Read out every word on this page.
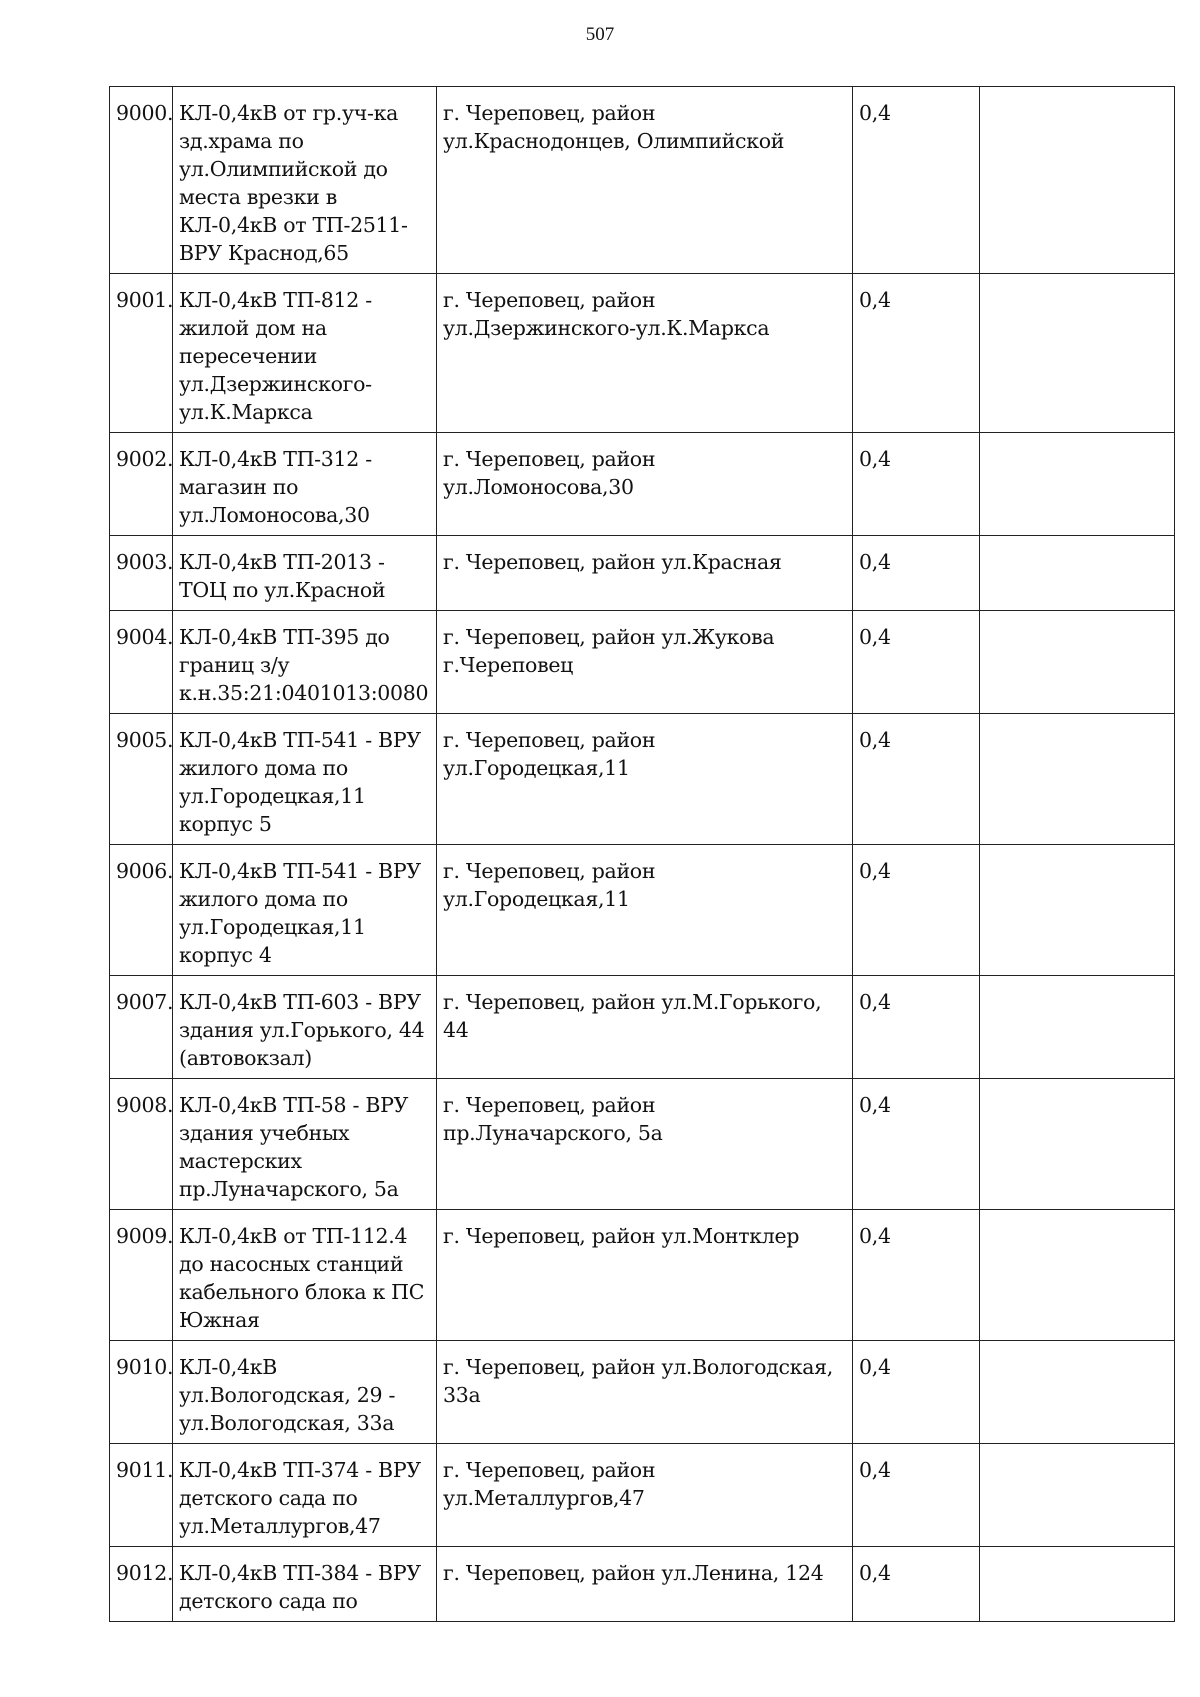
507
9000.	КЛ-0,4кВ от гр.уч-ка зд.храма по ул.Олимпийской до места врезки в КЛ-0,4кВ от ТП-2511-ВРУ Краснод,65	г. Череповец, район ул.Краснодонцев, Олимпийской	0,4	
9001.	КЛ-0,4кВ ТП-812 - жилой дом на пересечении ул.Дзержинского-ул.К.Маркса	г. Череповец, район ул.Дзержинского-ул.К.Маркса	0,4	
9002.	КЛ-0,4кВ ТП-312 - магазин по ул.Ломоносова,30	г. Череповец, район ул.Ломоносова,30	0,4	
9003.	КЛ-0,4кВ ТП-2013 - ТОЦ по ул.Красной	г. Череповец, район ул.Красная	0,4	
9004.	КЛ-0,4кВ ТП-395 до границ з/у к.н.35:21:0401013:0080	г. Череповец, район ул.Жукова г.Череповец	0,4	
9005.	КЛ-0,4кВ ТП-541 - ВРУ жилого дома по ул.Городецкая,11 корпус 5	г. Череповец, район ул.Городецкая,11	0,4	
9006.	КЛ-0,4кВ ТП-541 - ВРУ жилого дома по ул.Городецкая,11 корпус 4	г. Череповец, район ул.Городецкая,11	0,4	
9007.	КЛ-0,4кВ ТП-603 - ВРУ здания ул.Горького, 44 (автовокзал)	г. Череповец, район ул.М.Горького, 44	0,4	
9008.	КЛ-0,4кВ ТП-58 - ВРУ здания учебных мастерских пр.Луначарского, 5а	г. Череповец, район пр.Луначарского, 5а	0,4	
9009.	КЛ-0,4кВ от ТП-112.4 до насосных станций кабельного блока к ПС Южная	г. Череповец, район ул.Монтклер	0,4	
9010.	КЛ-0,4кВ ул.Вологодская, 29 - ул.Вологодская, 33а	г. Череповец, район ул.Вологодская, 33а	0,4	
9011.	КЛ-0,4кВ ТП-374 - ВРУ детского сада по ул.Металлургов,47	г. Череповец, район ул.Металлургов,47	0,4	
9012.	КЛ-0,4кВ ТП-384 - ВРУ детского сада по	г. Череповец, район ул.Ленина, 124	0,4	
